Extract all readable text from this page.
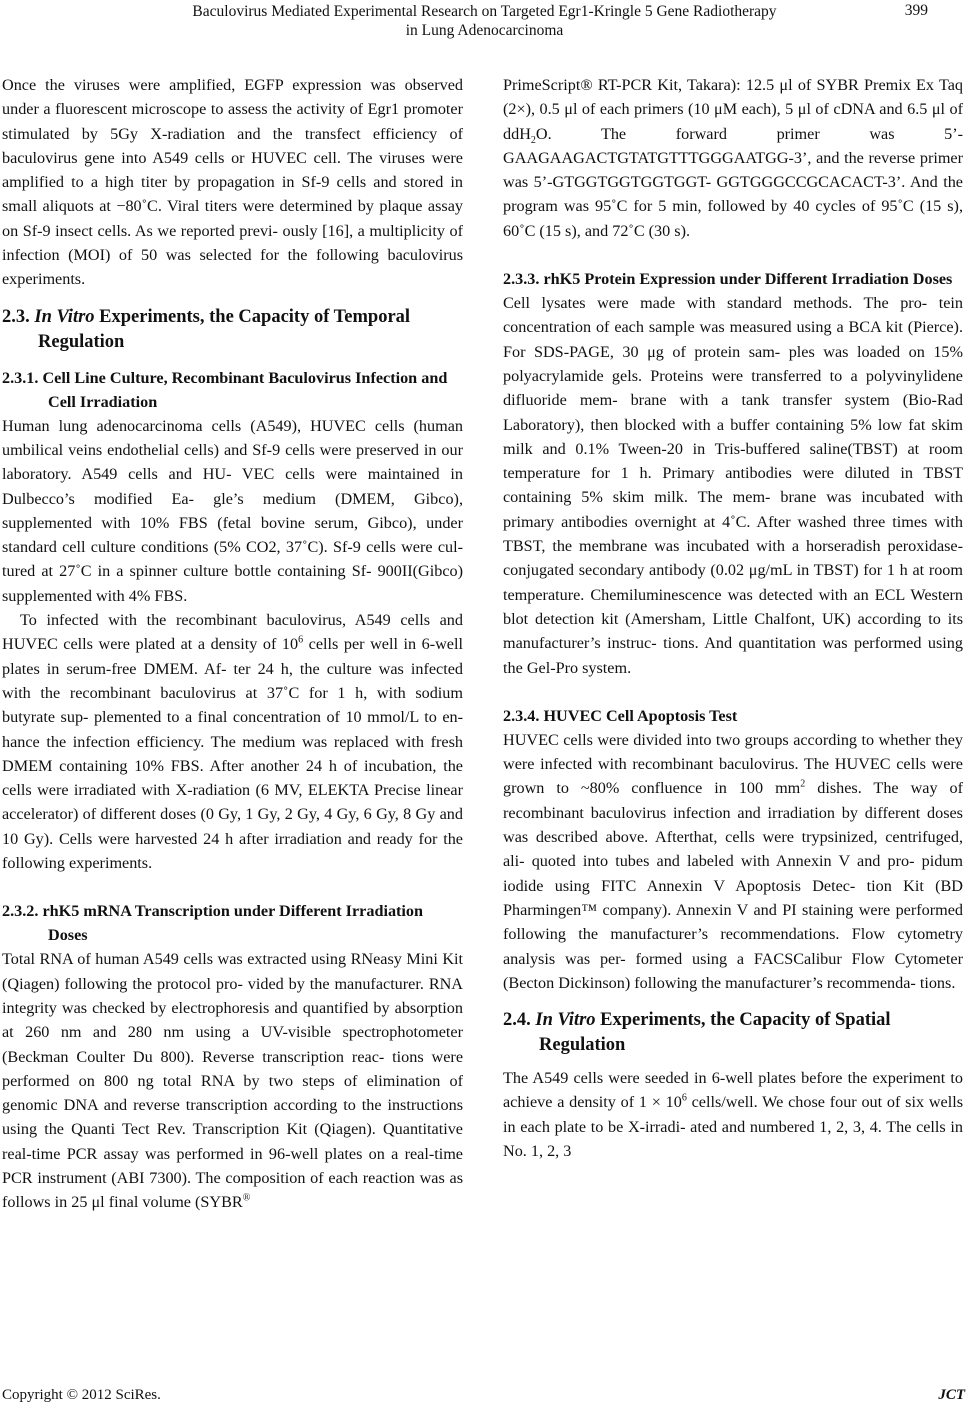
Baculovirus Mediated Experimental Research on Targeted Egr1-Kringle 5 Gene Radiotherapy
in Lung Adenocarcinoma
399

Once the viruses were amplified, EGFP expression was observed under a fluorescent microscope to assess the activity of Egr1 promoter stimulated by 5Gy X-radiation and the transfect efficiency of baculovirus gene into A549 cells or HUVEC cell. The viruses were amplified to a high titer by propagation in Sf-9 cells and stored in small aliquots at −80˚C. Viral titers were determined by plaque assay on Sf-9 insect cells. As we reported previ- ously [16], a multiplicity of infection (MOI) of 50 was selected for the following baculovirus experiments.

2.3. In Vitro Experiments, the Capacity of Temporal Regulation
2.3.1. Cell Line Culture, Recombinant Baculovirus Infection and Cell Irradiation

Human lung adenocarcinoma cells (A549), HUVEC cells (human umbilical veins endothelial cells) and Sf-9 cells were preserved in our laboratory. A549 cells and HU- VEC cells were maintained in Dulbecco’s modified Ea- gle’s medium (DMEM, Gibco), supplemented with 10% FBS (fetal bovine serum, Gibco), under standard cell culture conditions (5% CO2, 37˚C). Sf-9 cells were cul- tured at 27˚C in a spinner culture bottle containing Sf- 900II(Gibco) supplemented with 4% FBS.

To infected with the recombinant baculovirus, A549 cells and HUVEC cells were plated at a density of $10^6$ cells per well in 6-well plates in serum-free DMEM. Af- ter 24 h, the culture was infected with the recombinant baculovirus at 37˚C for 1 h, with sodium butyrate sup- plemented to a final concentration of 10 mmol/L to en- hance the infection efficiency. The medium was replaced with fresh DMEM containing 10% FBS. After another 24 h of incubation, the cells were irradiated with X-radiation (6 MV, ELEKTA Precise linear accelerator) of different doses (0 Gy, 1 Gy, 2 Gy, 4 Gy, 6 Gy, 8 Gy and 10 Gy). Cells were harvested 24 h after irradiation and ready for the following experiments.

2.3.2. rhK5 mRNA Transcription under Different Irradiation Doses

Total RNA of human A549 cells was extracted using RNeasy Mini Kit (Qiagen) following the protocol pro- vided by the manufacturer. RNA integrity was checked by electrophoresis and quantified by absorption at 260 nm and 280 nm using a UV-visible spectrophotometer (Beckman Coulter Du 800). Reverse transcription reac- tions were performed on 800 ng total RNA by two steps of elimination of genomic DNA and reverse transcription according to the instructions using the Quanti Tect Rev. Transcription Kit (Qiagen). Quantitative real-time PCR assay was performed in 96-well plates on a real-time PCR instrument (ABI 7300). The composition of each reaction was as follows in 25 μl final volume (SYBR®

PrimeScript® RT-PCR Kit, Takara): 12.5 μl of SYBR Premix Ex Taq (2×), 0.5 μl of each primers (10 μM each), 5 μl of cDNA and 6.5 μl of ddH$_2$O. The forward primer was 5’-GAAGAAGACTGTATGTTTGGGAATGG-3’, and the reverse primer was 5’-GTGGTGGTGGTGGT- GGTGGGCCGCACACT-3’. And the program was 95˚C for 5 min, followed by 40 cycles of 95˚C (15 s), 60˚C (15 s), and 72˚C (30 s).

2.3.3. rhK5 Protein Expression under Different Irradiation Doses

Cell lysates were made with standard methods. The pro- tein concentration of each sample was measured using a BCA kit (Pierce). For SDS-PAGE, 30 μg of protein sam- ples was loaded on 15% polyacrylamide gels. Proteins were transferred to a polyvinylidene difluoride mem- brane with a tank transfer system (Bio-Rad Laboratory), then blocked with a buffer containing 5% low fat skim milk and 0.1% Tween-20 in Tris-buffered saline(TBST) at room temperature for 1 h. Primary antibodies were diluted in TBST containing 5% skim milk. The mem- brane was incubated with primary antibodies overnight at 4˚C. After washed three times with TBST, the membrane was incubated with a horseradish peroxidase-conjugated secondary antibody (0.02 μg/mL in TBST) for 1 h at room temperature. Chemiluminescence was detected with an ECL Western blot detection kit (Amersham, Little Chalfont, UK) according to its manufacturer’s instruc- tions. And quantitation was performed using the Gel-Pro system.

2.3.4. HUVEC Cell Apoptosis Test

HUVEC cells were divided into two groups according to whether they were infected with recombinant baculovirus. The HUVEC cells were grown to ~80% confluence in 100 $mm^2$ dishes. The way of recombinant baculovirus infection and irradiation by different doses was described above. Afterthat, cells were trypsinized, centrifuged, ali- quoted into tubes and labeled with Annexin V and pro- pidum iodide using FITC Annexin V Apoptosis Detec- tion Kit (BD Pharmingen™ company). Annexin V and PI staining were performed following the manufacturer’s recommendations. Flow cytometry analysis was per- formed using a FACSCalibur Flow Cytometer (Becton Dickinson) following the manufacturer’s recommenda- tions.

2.4. In Vitro Experiments, the Capacity of Spatial Regulation

The A549 cells were seeded in 6-well plates before the experiment to achieve a density of $1 \times 10^6$ cells/well. We chose four out of six wells in each plate to be X-irradi- ated and numbered 1, 2, 3, 4. The cells in No. 1, 2, 3

Copyright © 2012 SciRes.	JCT
